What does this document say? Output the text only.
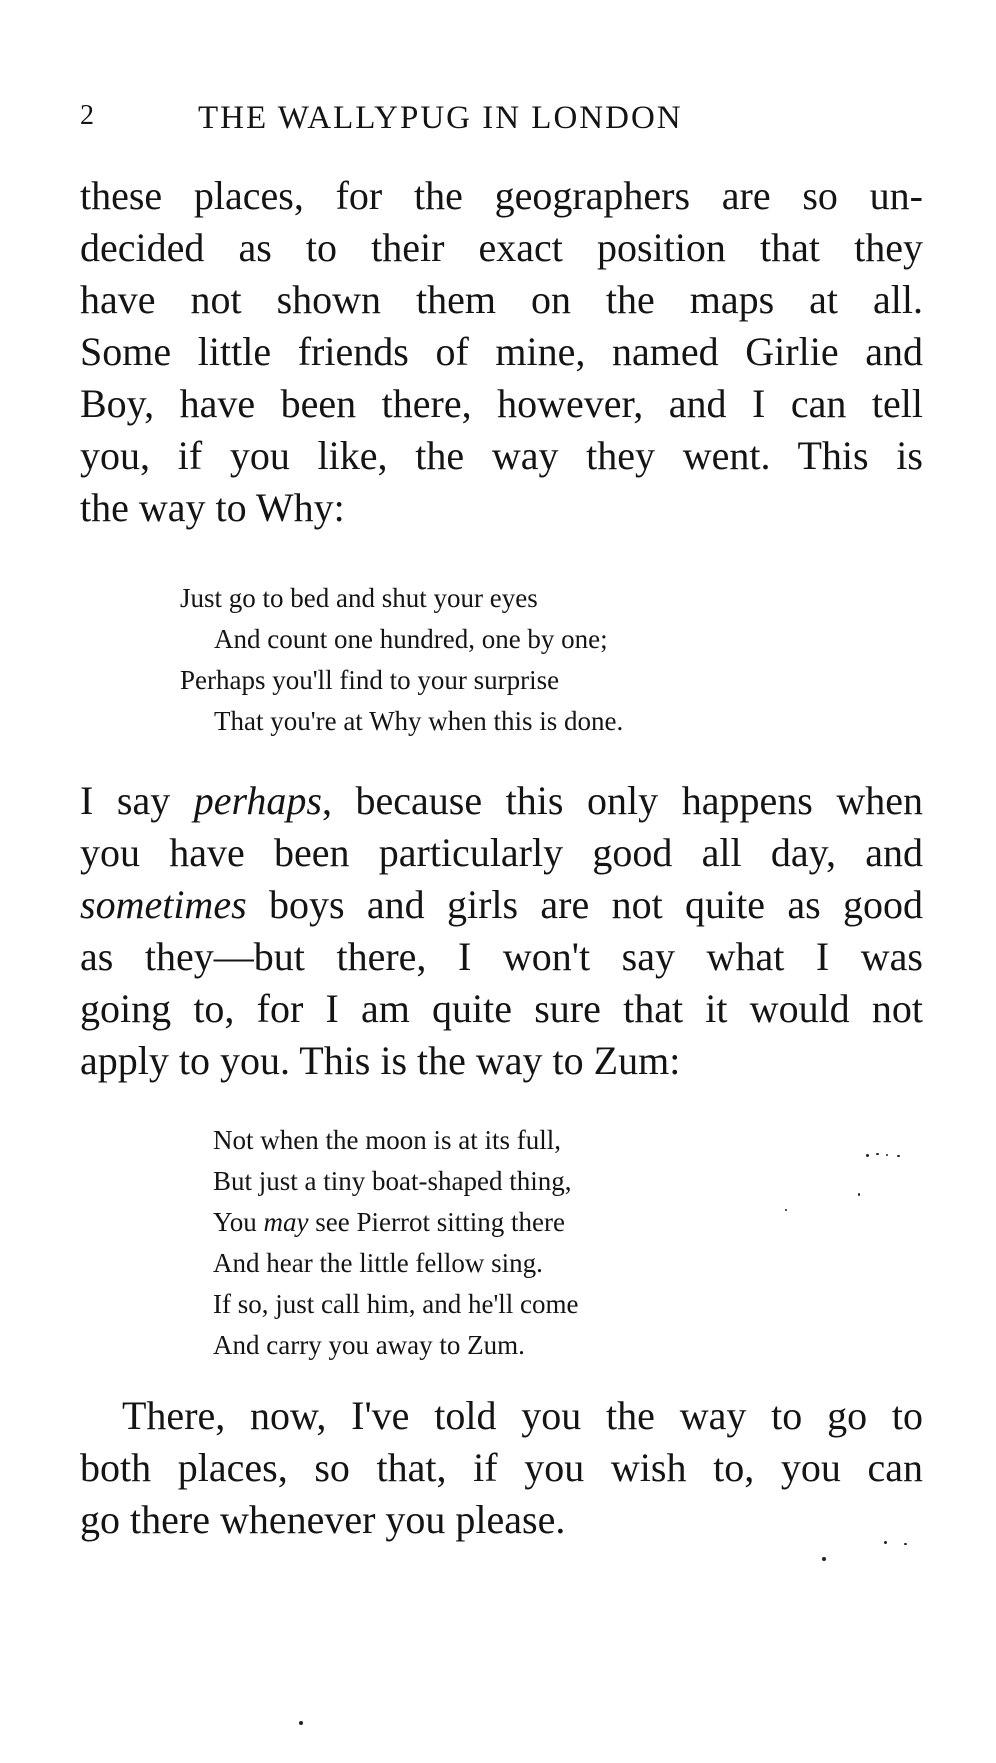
2	THE WALLYPUG IN LONDON
these places, for the geographers are so un-
decided as to their exact position that they
have not shown them on the maps at all.
Some little friends of mine, named Girlie and
Boy, have been there, however, and I can tell
you, if you like, the way they went. This is
the way to Why:
Just go to bed and shut your eyes
And count one hundred, one by one;
Perhaps you'll find to your surprise
That you're at Why when this is done.
I say perhaps, because this only happens when
you have been particularly good all day, and
sometimes boys and girls are not quite as good
as they—but there, I won't say what I was
going to, for I am quite sure that it would not
apply to you. This is the way to Zum:
Not when the moon is at its full,
But just a tiny boat-shaped thing,
You may see Pierrot sitting there
And hear the little fellow sing.
If so, just call him, and he'll come
And carry you away to Zum.
There, now, I've told you the way to go to
both places, so that, if you wish to, you can
go there whenever you please.
